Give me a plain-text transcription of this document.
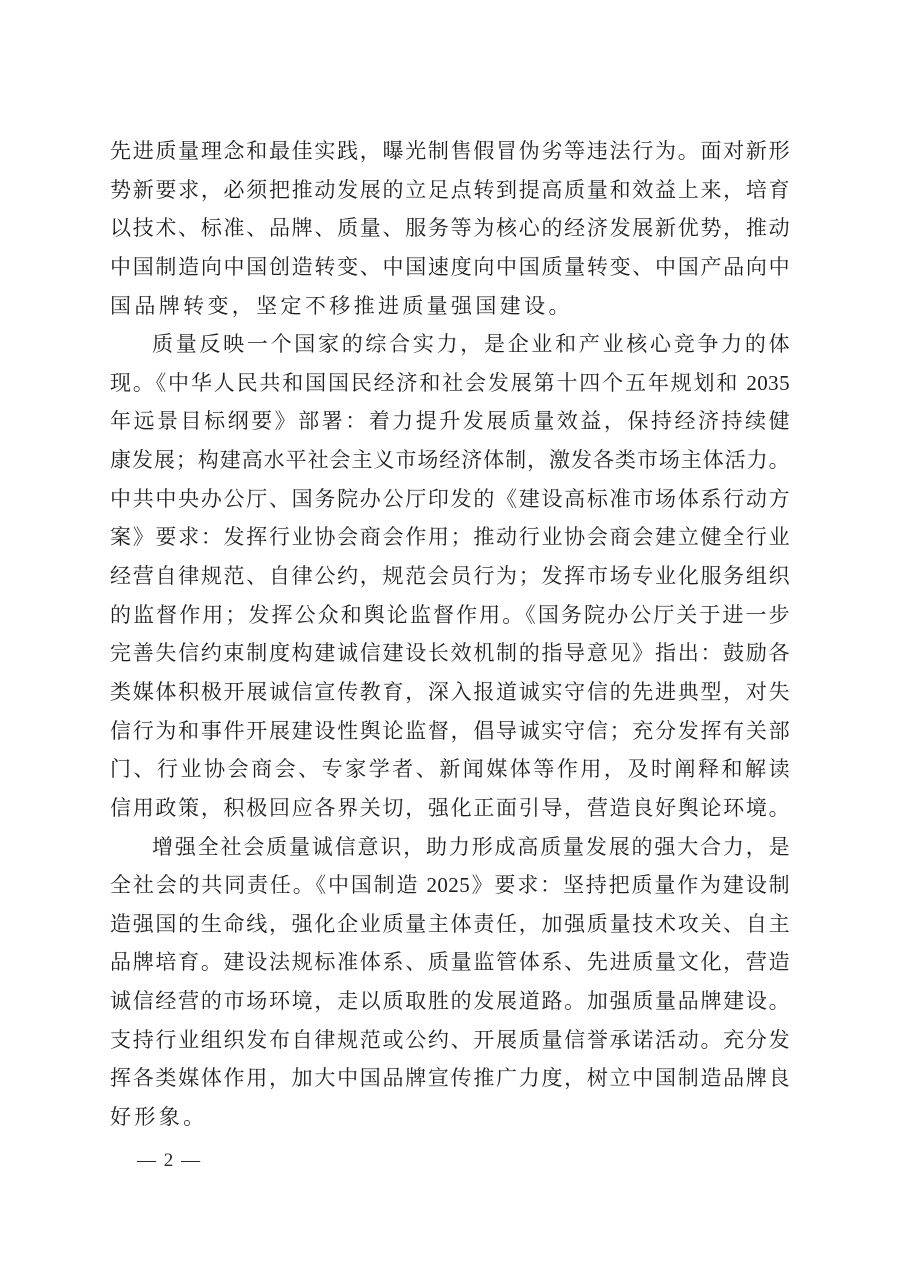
先进质量理念和最佳实践，曝光制售假冒伪劣等违法行为。面对新形
势新要求，必须把推动发展的立足点转到提高质量和效益上来，培育
以技术、标准、品牌、质量、服务等为核心的经济发展新优势，推动
中国制造向中国创造转变、中国速度向中国质量转变、中国产品向中
国品牌转变，坚定不移推进质量强国建设。

质量反映一个国家的综合实力，是企业和产业核心竞争力的体
现。《中华人民共和国国民经济和社会发展第十四个五年规划和 2035
年远景目标纲要》部署：着力提升发展质量效益，保持经济持续健
康发展；构建高水平社会主义市场经济体制，激发各类市场主体活力。
中共中央办公厅、国务院办公厅印发的《建设高标准市场体系行动方
案》要求：发挥行业协会商会作用；推动行业协会商会建立健全行业
经营自律规范、自律公约，规范会员行为；发挥市场专业化服务组织
的监督作用；发挥公众和舆论监督作用。《国务院办公厅关于进一步
完善失信约束制度构建诚信建设长效机制的指导意见》指出：鼓励各
类媒体积极开展诚信宣传教育，深入报道诚实守信的先进典型，对失
信行为和事件开展建设性舆论监督，倡导诚实守信；充分发挥有关部
门、行业协会商会、专家学者、新闻媒体等作用，及时阐释和解读
信用政策，积极回应各界关切，强化正面引导，营造良好舆论环境。

增强全社会质量诚信意识，助力形成高质量发展的强大合力，是
全社会的共同责任。《中国制造 2025》要求：坚持把质量作为建设制
造强国的生命线，强化企业质量主体责任，加强质量技术攻关、自主
品牌培育。建设法规标准体系、质量监管体系、先进质量文化，营造
诚信经营的市场环境，走以质取胜的发展道路。加强质量品牌建设。
支持行业组织发布自律规范或公约、开展质量信誉承诺活动。充分发
挥各类媒体作用，加大中国品牌宣传推广力度，树立中国制造品牌良
好形象。

— 2 —
